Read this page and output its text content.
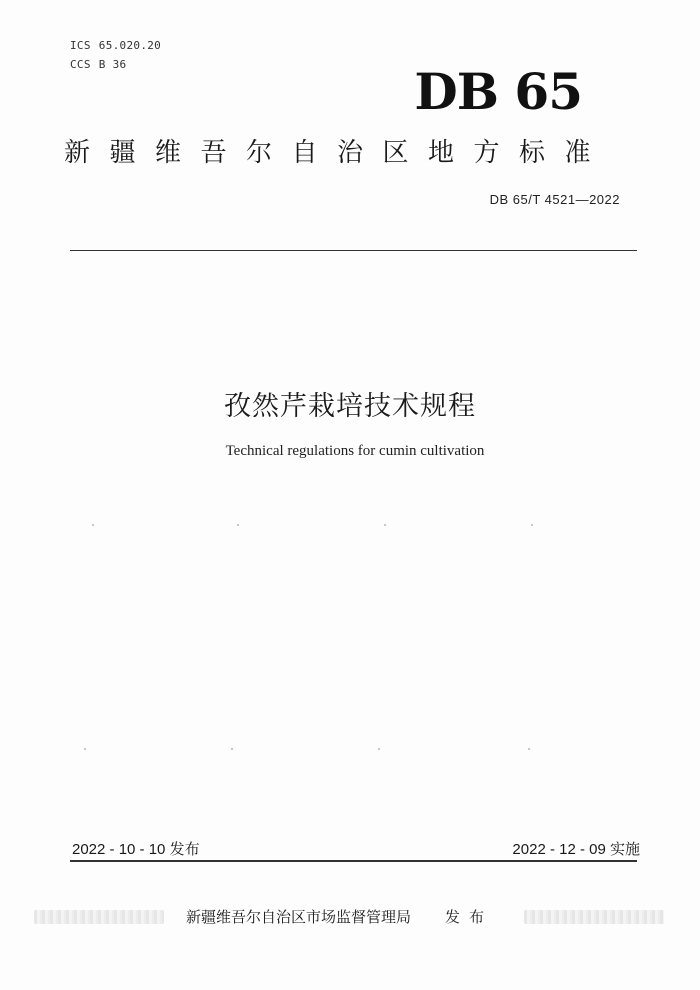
ICS 65.020.20
CCS B 36	DB 65
新疆维吾尔自治区地方标准
DB 65/T 4521—2022
孜然芹栽培技术规程
Technical regulations for cumin cultivation
2022 - 10 - 10 发布	2022 - 12 - 09 实施
新疆维吾尔自治区市场监督管理局 发布
